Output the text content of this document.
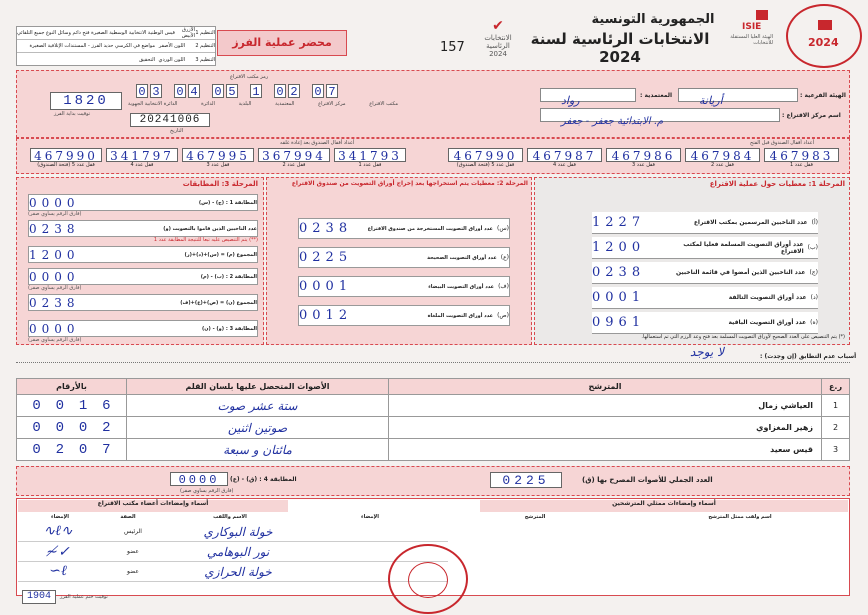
2024
ISIE
الهيئة العليا المستقلة للانتخابات
الجمهورية التونسية
الانتخابات الرئاسية لسنة 2024
✔
الانتخابات الرئاسية 2024
157
محضر عملية الفرز
التنظيم 1
الأزرق الأبيض
قيس الوطنية الانتخابية الوسطية الصغيرة فتح دائم وسائل النوع جميع التلقائي
التنظيم 2
اللون الأصفر
مواضع في الكرسي حديد الفرز - المستندات الإتلافية الصغيرة
التنظيم 3
اللون الوردي
التحقيق
رمز مكتب الاقتراع
0 3 0 4 0 5 1 0 2 0 7
مكتب الاقتراع
مركز الاقتراع
المعتمدية
البلدية
الدائرة
الدائرة الانتخابية الجهوية
1820
توقيت بداية الفرز	20241006
التاريخ
الهيئة الفرعية :
أريانة
المعتمدية :
رواد
اسم مركز الاقتراع :
م. الابتدائية جعفر - جعفر
أعداد أقفال الصندوق قبل الفتح
أعداد أقفال الصندوق بعد إعادة غلقه
467990
قفل عدد 5 (فتحة الصندوق)
467987
قفل عدد 4
467986
قفل عدد 3
467984
قفل عدد 2
467983
قفل عدد 1
467990
قفل عدد 5 (فتحة الصندوق)
341797
قفل عدد 4
467995
قفل عدد 3
367994
قفل عدد 2
341793
قفل عدد 1
المرحلة 1: معطيات حول عملية الاقتراع
(أ)
عدد الناخبين المرسمين بمكتب الاقتراع
1227
(ب)
عدد أوراق التصويت المسلمة فعليا لمكتب الاقتراع
1200
(ج)
عدد الناخبين الذين أمضوا في قائمة الناخبين
0238
(د)
عدد أوراق التصويت التالفة
0001
(ه)
عدد أوراق التصويت الباقية
0961
(*) يتم التنصيص على العدد الصحيح لأوراق التصويت المسلمة بعد فتح وعد الرزم التي تم استعمالها.
المرحلة 2: معطيات يتم استخراجها بعد إخراج أوراق التصويت من صندوق الاقتراع
(س)
عدد أوراق التصويت المستخرجة من صندوق الاقتراع
0238
(ع)
عدد أوراق التصويت الصحيحة
0225
(ف)
عدد أوراق التصويت البيضاء
0001
(ص)
عدد أوراق التصويت الملغاة
0012
المرحلة 3: المطابقات
المطابقة 1 : (ج) - (س)
0000
(فارق الرقم يساوي صفر)
عدد الناخبين الذين قاموا بالتصويت (و)
0238
(**) يتم التنصيص عليه تبعا للنتيجة المطابقة عدد 1
المجموع (م) = (س)+(د)+(ر)
1200
المطابقة 2 : (ب) - (م)
0000
(فارق الرقم يساوي صفر)
المجموع (ن) = (ص)+(ع)+(ف)
0238
المطابقة 3 : (و) - (ن)
0000
(فارق الرقم يساوي صفر)
أسباب عدم التطابق (إن وجدت) :
لا يوجد
بالأرقام	الأصوات المتحصل عليها بلسان القلم	المترشح	ر.ع

0 0 1 6	ستة عشر صوت	العياشي زمال	1

0 0 0 2	صوتين اثنين	زهير المغزاوي	2

0 2 0 7	مائتان و سبعة	قيس سعيد	3
العدد الجملي للأصوات المصرح بها (ق)
0225
المطابقة 4 : (ق) - (ع)
0000
(فارق الرقم يساوي صفر)
أسماء وإمضاءات أعضاء مكتب الاقتراع	أسماء وإمضاءات ممثلي المترشحين
الإمضاء	الصفة	الاسم واللقب
∿ℓ∿	الرئيس	خولة البوكاري
≁✓	عضو	نور البوهامي
∽ℓ	عضو	خولة الحرازي
الإمضاء	المترشح	اسم ولقب ممثل المترشح
1904	توقيت ختم عملية الفرز
